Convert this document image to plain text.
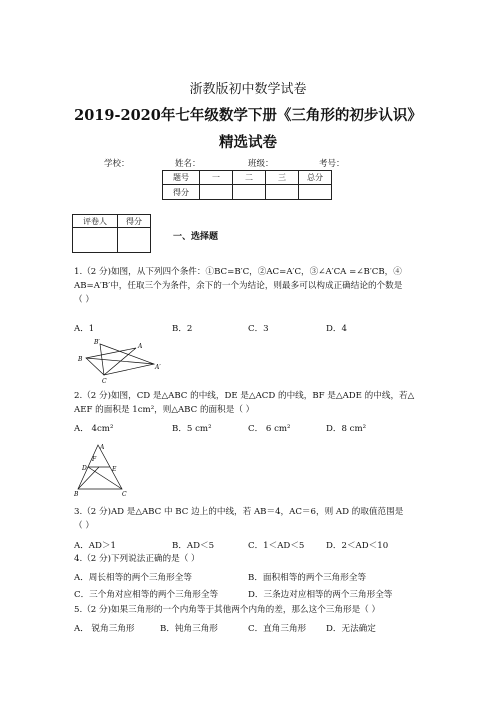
浙教版初中数学试卷
2019-2020年七年级数学下册《三角形的初步认识》
精选试卷
学校：	姓名：	班级：	考号：
题号	一	二	三	总分
得分				
评卷人	得分

一、选择题
1.（2 分)如图，从下列四个条件：①BC=B′C，②AC=A′C，③∠A′CA =∠B′CB，④
AB=A′B′中，任取三个为条件，余下的一个为结论，则最多可以构成正确结论的个数是
（ ）
A．1	B．2	C．3	D．4
B′
A
B
A′
C
2.（2 分)如图，CD 是△ABC 的中线，DE 是△ACD 的中线，BF 是△ADE 的中线，若△
AEF 的面积是 1cm²，则△ABC 的面积是（ ）
A． 4cm²	B．5 cm²	C． 6 cm²	D．8 cm²
A
F
D	E
B	C
3.（2 分)AD 是△ABC 中 BC 边上的中线，若 AB＝4，AC＝6，则 AD 的取值范围是
（ ）
A．AD＞1	B．AD＜5	C．1＜AD＜5	D．2＜AD＜10
4.（2 分)下列说法正确的是（ ）
A．周长相等的两个三角形全等	B．面积相等的两个三角形全等
C．三个角对应相等的两个三角形全等	D．三条边对应相等的两个三角形全等
5.（2 分)如果三角形的一个内角等于其他两个内角的差，那么这个三角形是（ ）
A． 锐角三角形	B．钝角三角形	C．直角三角形 D．无法确定
